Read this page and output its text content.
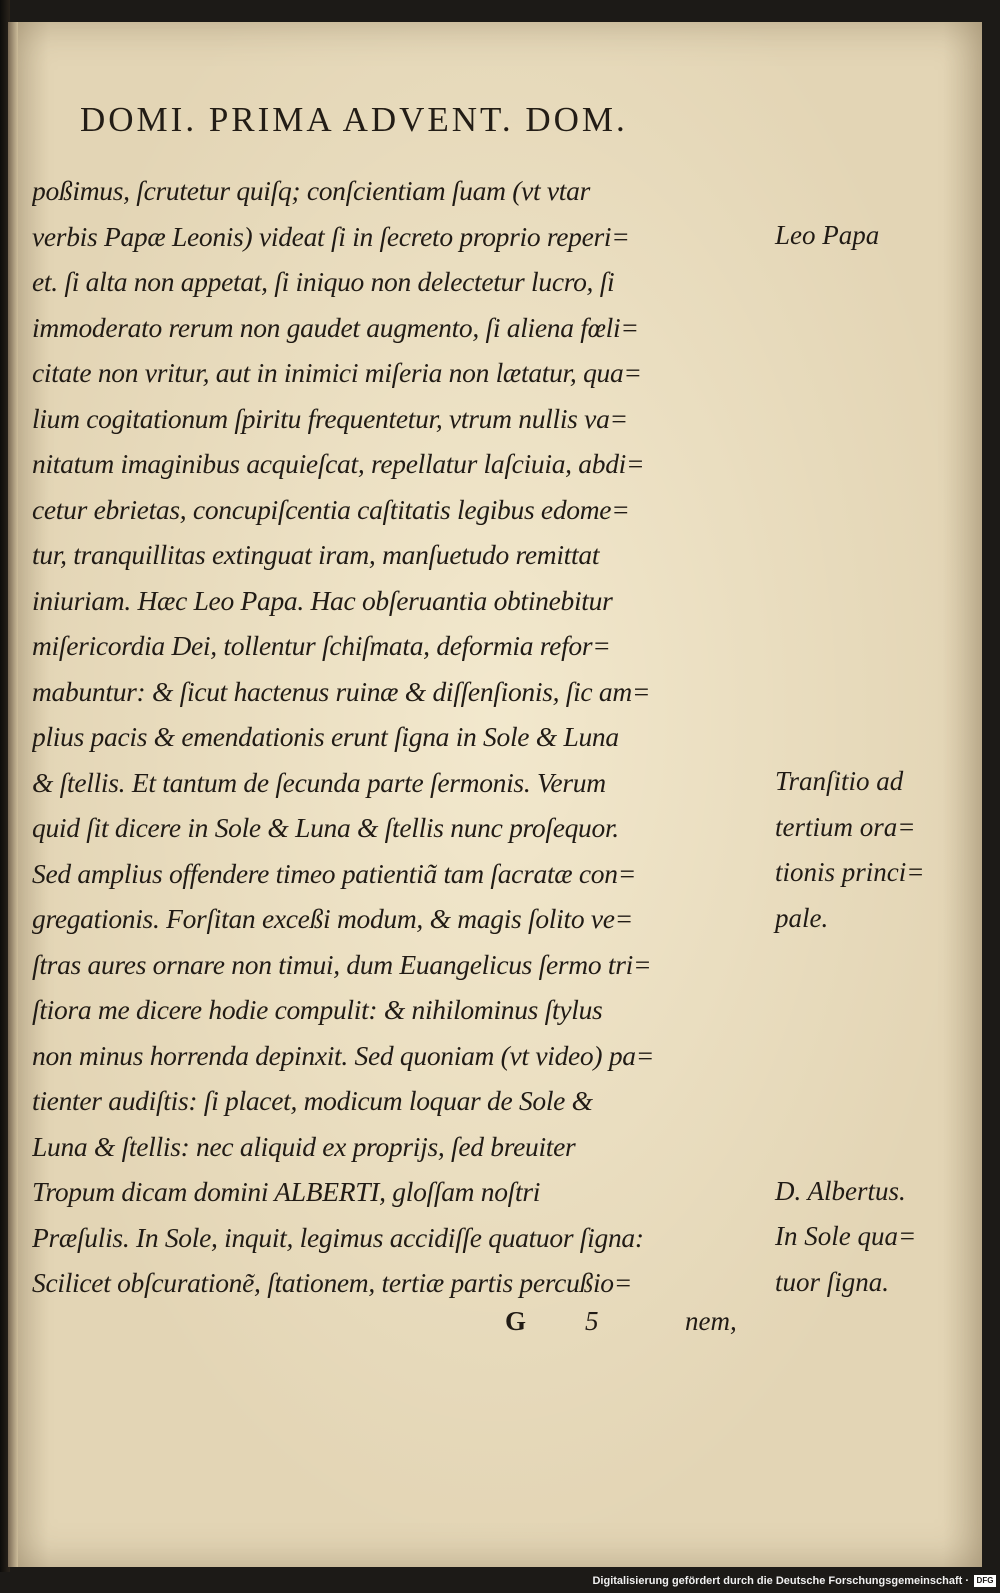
DOMI. PRIMA ADVENT. DOM.
poßimus, ſcrutetur quiſq; conſcientiam ſuam (vt vtar
verbis Papæ Leonis) videat ſi in ſecreto proprio reperi=
et. ſi alta non appetat, ſi iniquo non delectetur lucro, ſi
immoderato rerum non gaudet augmento, ſi aliena fœli=
citate non vritur, aut in inimici miſeria non lætatur, qua=
lium cogitationum ſpiritu frequentetur, vtrum nullis va=
nitatum imaginibus acquieſcat, repellatur laſciuia, abdi=
cetur ebrietas, concupiſcentia caſtitatis legibus edome=
tur, tranquillitas extinguat iram, manſuetudo remittat
iniuriam. Hæc Leo Papa. Hac obſeruantia obtinebitur
miſericordia Dei, tollentur ſchiſmata, deformia refor=
mabuntur: & ſicut hactenus ruinæ & diſſenſionis, ſic am=
plius pacis & emendationis erunt ſigna in Sole & Luna
& ſtellis. Et tantum de ſecunda parte ſermonis. Verum
quid ſit dicere in Sole & Luna & ſtellis nunc proſequor.
Sed amplius offendere timeo patientiã tam ſacratæ con=
gregationis. Forſitan exceßi modum, & magis ſolito ve=
ſtras aures ornare non timui, dum Euangelicus ſermo tri=
ſtiora me dicere hodie compulit: & nihilominus ſtylus
non minus horrenda depinxit. Sed quoniam (vt video) pa=
tienter audiſtis: ſi placet, modicum loquar de Sole &
Luna & ſtellis: nec aliquid ex proprijs, ſed breuiter
Tropum dicam domini ALBERTI, gloſſam noſtri
Præſulis. In Sole, inquit, legimus accidiſſe quatuor ſigna:
Scilicet obſcuratione͂, ſtationem, tertiæ partis percußio=
Leo Papa
Tranſitio ad
tertium ora=
tionis princi=
pale.
D. Albertus.
In Sole qua=
tuor ſigna.
G 5	nem,
Digitalisierung gefördert durch die Deutsche Forschungsgemeinschaft · DFG
